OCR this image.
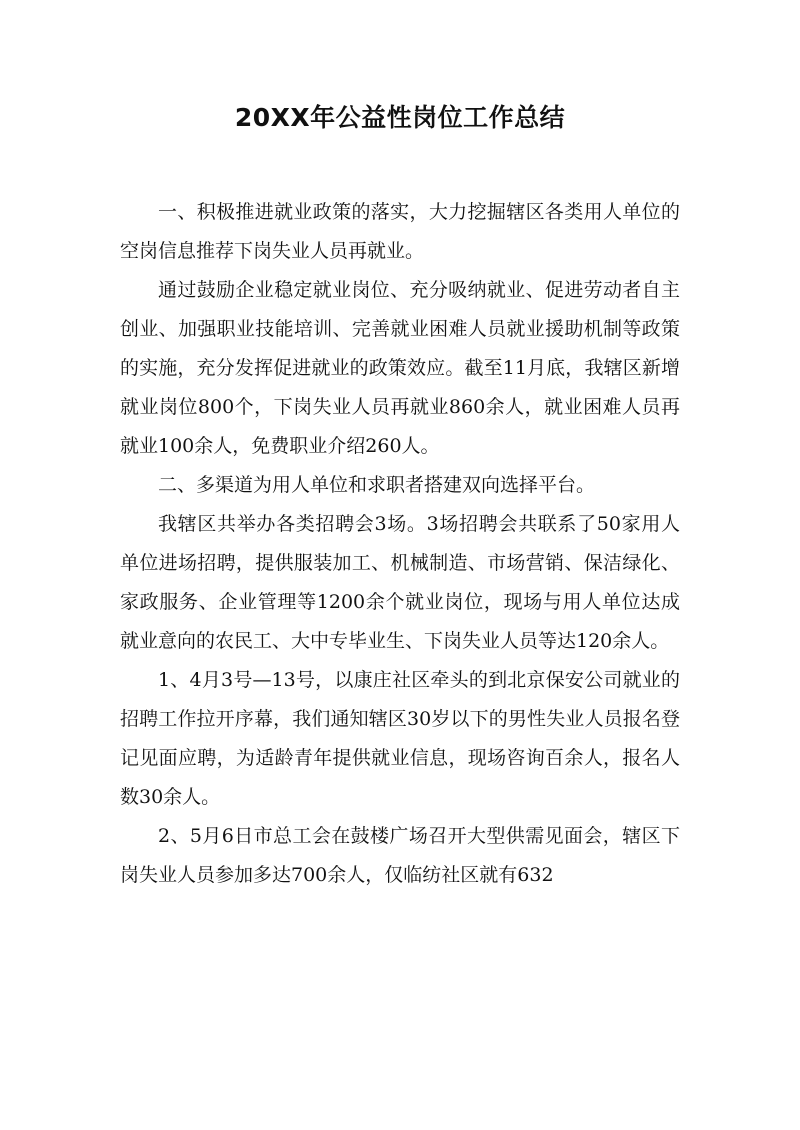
20XX年公益性岗位工作总结

一、积极推进就业政策的落实，大力挖掘辖区各类用人单位的空岗信息推荐下岗失业人员再就业。

通过鼓励企业稳定就业岗位、充分吸纳就业、促进劳动者自主创业、加强职业技能培训、完善就业困难人员就业援助机制等政策的实施，充分发挥促进就业的政策效应。截至11月底，我辖区新增就业岗位800个，下岗失业人员再就业860余人，就业困难人员再就业100余人，免费职业介绍260人。

二、多渠道为用人单位和求职者搭建双向选择平台。

我辖区共举办各类招聘会3场。3场招聘会共联系了50家用人单位进场招聘，提供服装加工、机械制造、市场营销、保洁绿化、家政服务、企业管理等1200余个就业岗位，现场与用人单位达成就业意向的农民工、大中专毕业生、下岗失业人员等达120余人。

1、4月3号—13号，以康庄社区牵头的到北京保安公司就业的招聘工作拉开序幕，我们通知辖区30岁以下的男性失业人员报名登记见面应聘，为适龄青年提供就业信息，现场咨询百余人，报名人数30余人。

2、5月6日市总工会在鼓楼广场召开大型供需见面会，辖区下岗失业人员参加多达700余人，仅临纺社区就有632
